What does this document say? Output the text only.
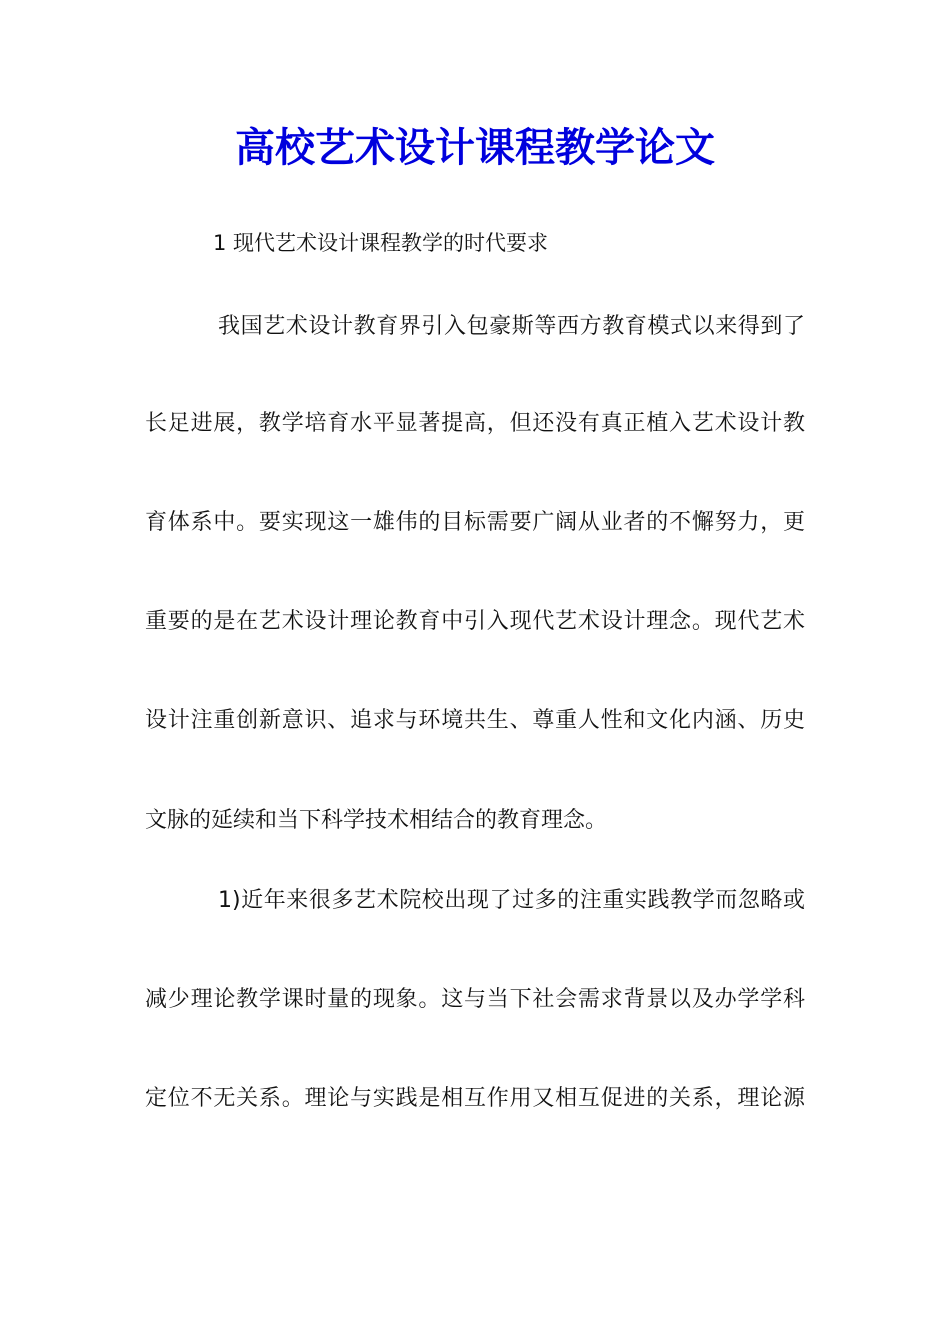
高校艺术设计课程教学论文

1 现代艺术设计课程教学的时代要求

我国艺术设计教育界引入包豪斯等西方教育模式以来得到了

长足进展，教学培育水平显著提高，但还没有真正植入艺术设计教

育体系中。要实现这一雄伟的目标需要广阔从业者的不懈努力，更

重要的是在艺术设计理论教育中引入现代艺术设计理念。现代艺术

设计注重创新意识、追求与环境共生、尊重人性和文化内涵、历史

文脉的延续和当下科学技术相结合的教育理念。

1)近年来很多艺术院校出现了过多的注重实践教学而忽略或

减少理论教学课时量的现象。这与当下社会需求背景以及办学学科

定位不无关系。理论与实践是相互作用又相互促进的关系，理论源
